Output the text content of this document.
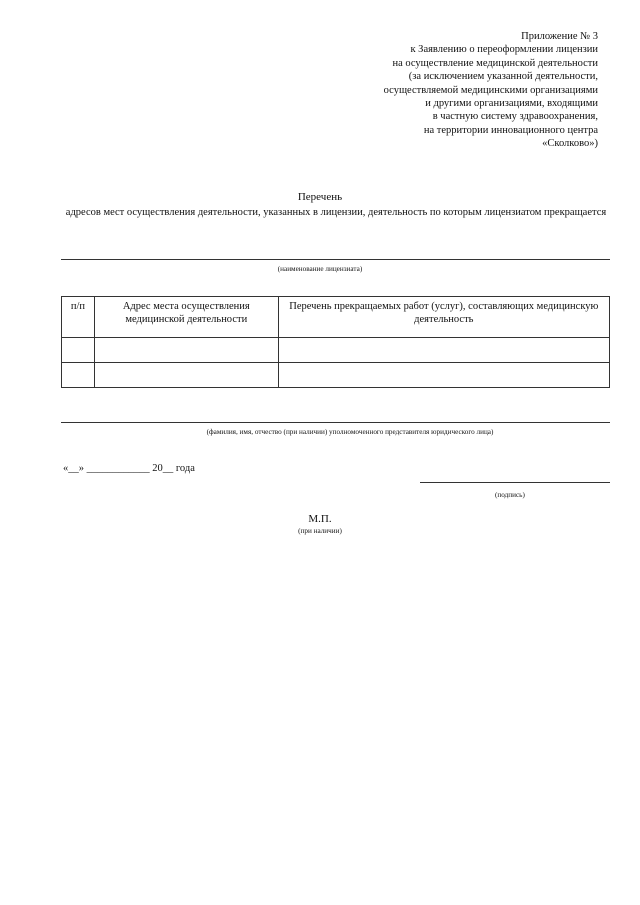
Приложение № 3
к Заявлению о переоформлении лицензии
на осуществление медицинской деятельности
(за исключением указанной деятельности,
осуществляемой медицинскими организациями
и другими организациями, входящими
в частную систему здравоохранения,
на территории инновационного центра
«Сколково»)
Перечень
адресов мест осуществления деятельности, указанных в лицензии, деятельность по которым лицензиатом прекращается
(наименование лицензиата)
п/п	Адрес места осуществления медицинской деятельности	Перечень прекращаемых работ (услуг), составляющих медицинскую деятельность

(фамилия, имя, отчество (при наличии) уполномоченного представителя юридического лица)
«__» ____________ 20__ года
(подпись)
М.П.
(при наличии)
